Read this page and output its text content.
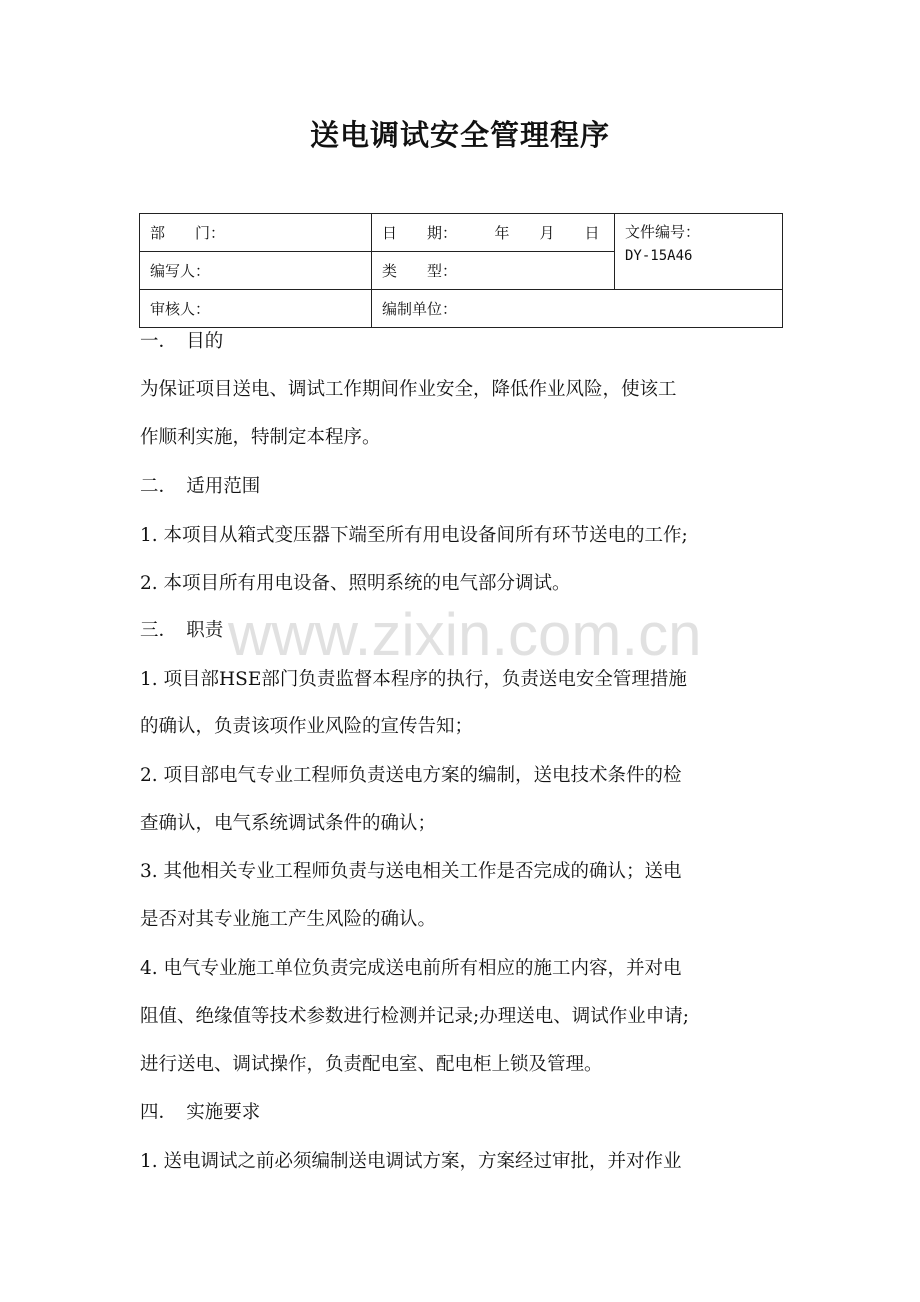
送电调试安全管理程序
部　　门：	日　　期：　　　年　　月　　日	文件编号：
DY-15A46

编写人：	类　　型：	
审核人：	编制单位：	
一．　目的
为保证项目送电、调试工作期间作业安全，降低作业风险，使该工
作顺利实施，特制定本程序。
二．　适用范围
1. 本项目从箱式变压器下端至所有用电设备间所有环节送电的工作;
2. 本项目所有用电设备、照明系统的电气部分调试。
三．　职责
1. 项目部HSE部门负责监督本程序的执行，负责送电安全管理措施
的确认，负责该项作业风险的宣传告知；
2. 项目部电气专业工程师负责送电方案的编制，送电技术条件的检
查确认，电气系统调试条件的确认；
3. 其他相关专业工程师负责与送电相关工作是否完成的确认；送电
是否对其专业施工产生风险的确认。
4. 电气专业施工单位负责完成送电前所有相应的施工内容，并对电
阻值、绝缘值等技术参数进行检测并记录;办理送电、调试作业申请;
进行送电、调试操作，负责配电室、配电柜上锁及管理。
四．　实施要求
1. 送电调试之前必须编制送电调试方案，方案经过审批，并对作业
www.zixin.com.cn
